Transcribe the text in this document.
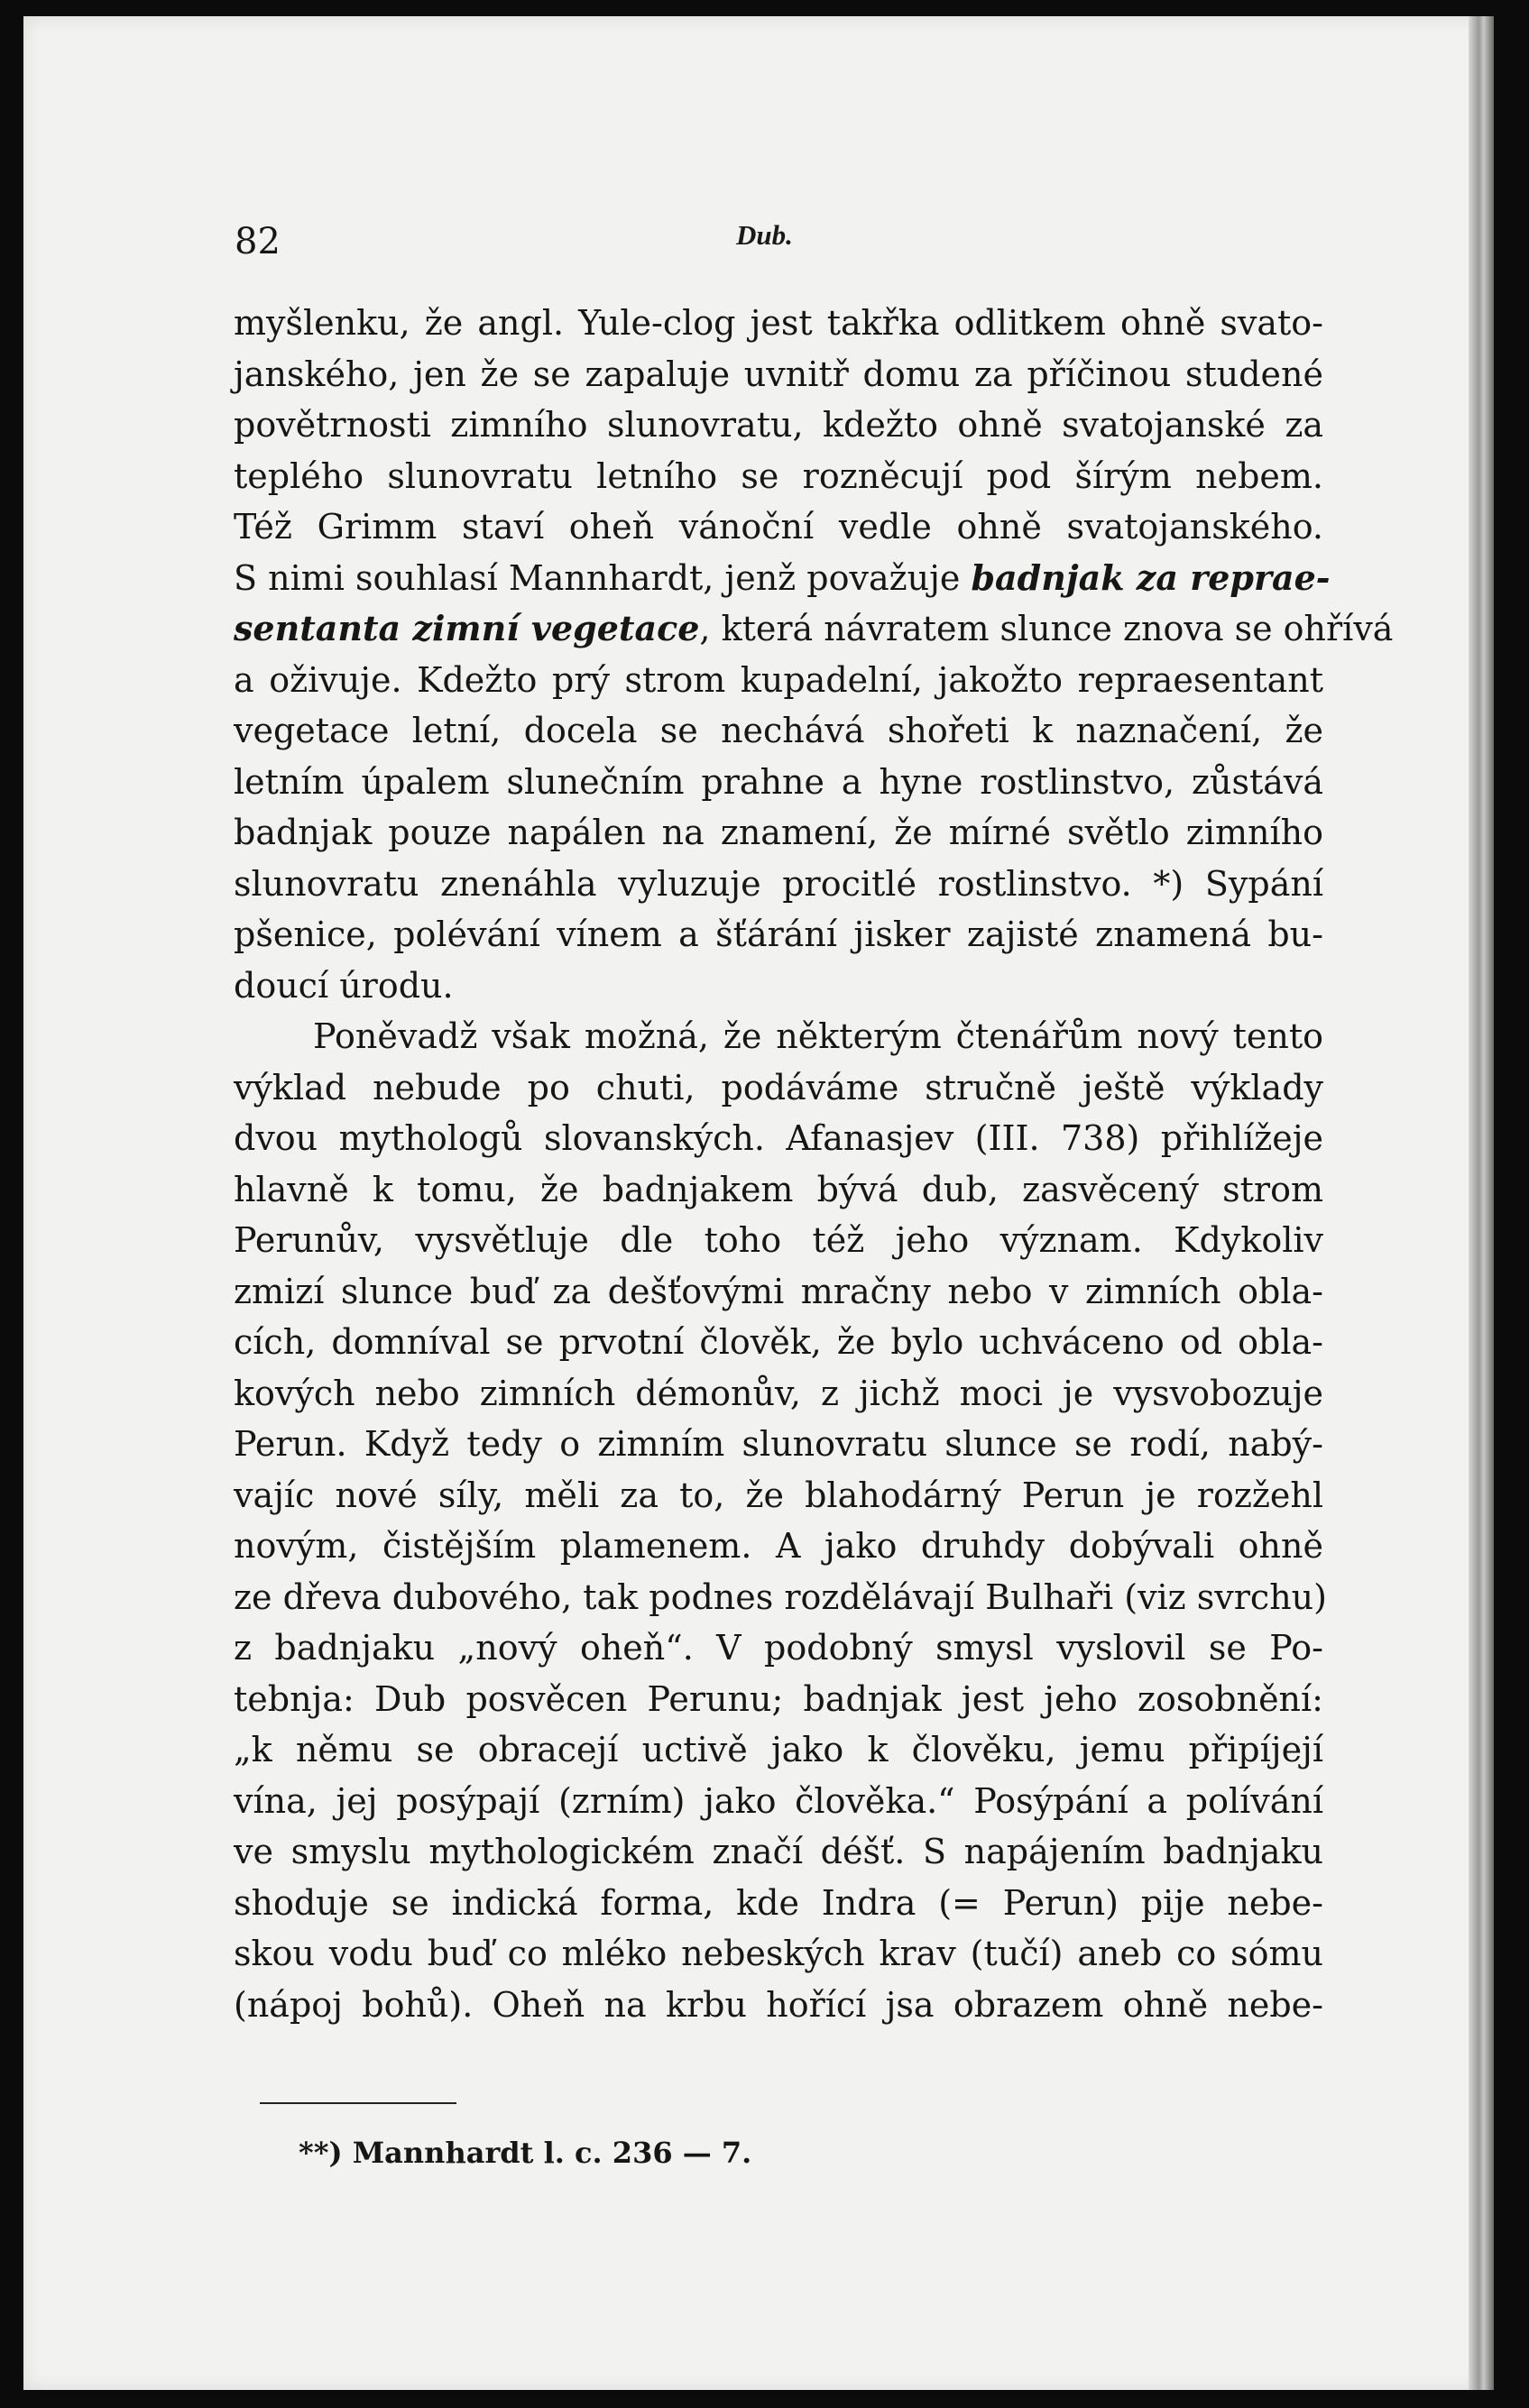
82	Dub.
myšlenku, že angl. Yule-clog jest takřka odlitkem ohně svato-
janského, jen že se zapaluje uvnitř domu za příčinou studené
povětrnosti zimního slunovratu, kdežto ohně svatojanské za
teplého slunovratu letního se rozněcují pod šírým nebem.
Též Grimm staví oheň vánoční vedle ohně svatojanského.
S nimi souhlasí Mannhardt, jenž považuje badnjak za reprae-
sentanta zimní vegetace, která návratem slunce znova se ohřívá
a oživuje. Kdežto prý strom kupadelní, jakožto repraesentant
vegetace letní, docela se nechává shořeti k naznačení, že
letním úpalem slunečním prahne a hyne rostlinstvo, zůstává
badnjak pouze napálen na znamení, že mírné světlo zimního
slunovratu znenáhla vyluzuje procitlé rostlinstvo. *) Sypání
pšenice, polévání vínem a šťárání jisker zajisté znamená bu-
doucí úrodu.
Poněvadž však možná, že některým čtenářům nový tento
výklad nebude po chuti, podáváme stručně ještě výklady
dvou mythologů slovanských. Afanasjev (III. 738) přihlížeje
hlavně k tomu, že badnjakem bývá dub, zasvěcený strom
Perunův, vysvětluje dle toho též jeho význam. Kdykoliv
zmizí slunce buď za dešťovými mračny nebo v zimních obla-
cích, domníval se prvotní člověk, že bylo uchváceno od obla-
kových nebo zimních démonův, z jichž moci je vysvobozuje
Perun. Když tedy o zimním slunovratu slunce se rodí, nabý-
vajíc nové síly, měli za to, že blahodárný Perun je rozžehl
novým, čistějším plamenem. A jako druhdy dobývali ohně
ze dřeva dubového, tak podnes rozdělávají Bulhaři (viz svrchu)
z badnjaku „nový oheň“. V podobný smysl vyslovil se Po-
tebnja: Dub posvěcen Perunu; badnjak jest jeho zosobnění:
„k němu se obracejí uctivě jako k člověku, jemu připíjejí
vína, jej posýpají (zrním) jako člověka.“ Posýpání a polívání
ve smyslu mythologickém značí déšť. S napájením badnjaku
shoduje se indická forma, kde Indra (= Perun) pije nebe-
skou vodu buď co mléko nebeských krav (tučí) aneb co sómu
(nápoj bohů). Oheň na krbu hořící jsa obrazem ohně nebe-
**) Mannhardt l. c. 236 — 7.
